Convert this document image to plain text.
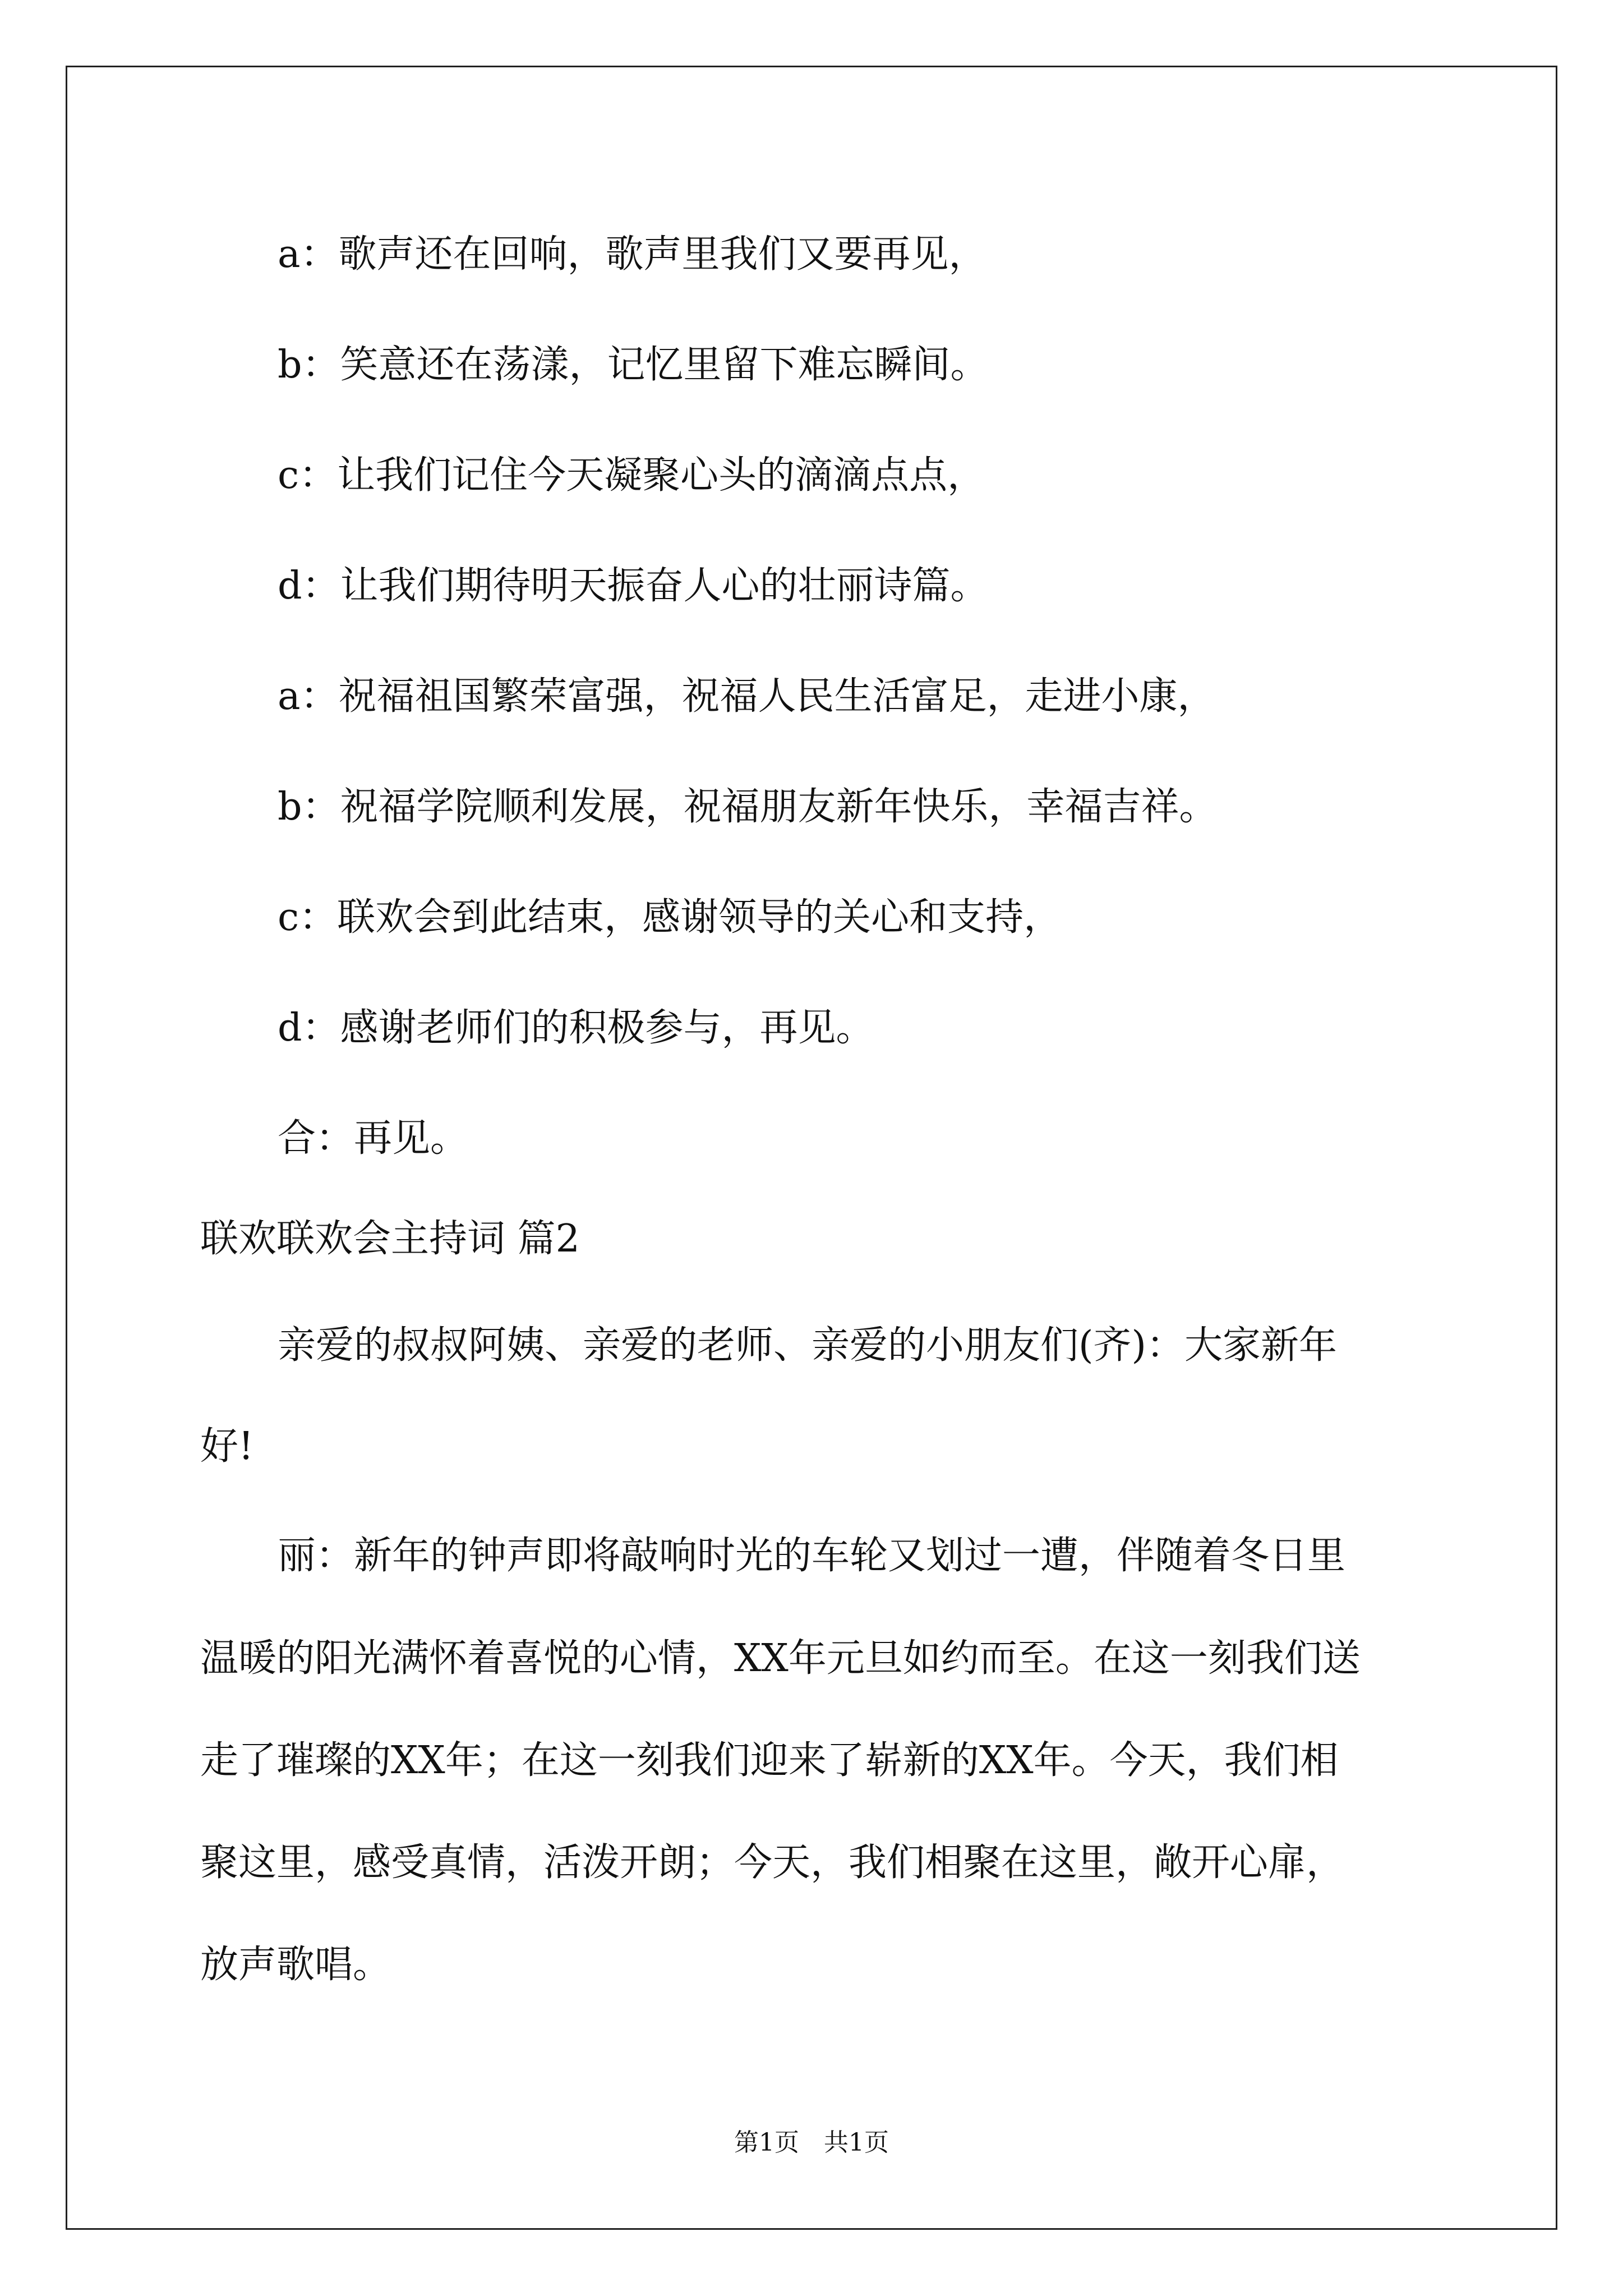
a：歌声还在回响，歌声里我们又要再见，
b：笑意还在荡漾，记忆里留下难忘瞬间。
c：让我们记住今天凝聚心头的滴滴点点，
d：让我们期待明天振奋人心的壮丽诗篇。
a：祝福祖国繁荣富强，祝福人民生活富足，走进小康，
b：祝福学院顺利发展，祝福朋友新年快乐，幸福吉祥。
c：联欢会到此结束，感谢领导的关心和支持，
d：感谢老师们的积极参与，再见。
合：再见。
联欢联欢会主持词 篇2
亲爱的叔叔阿姨、亲爱的老师、亲爱的小朋友们(齐)：大家新年
好!
丽：新年的钟声即将敲响时光的车轮又划过一遭，伴随着冬日里
温暖的阳光满怀着喜悦的心情，XX年元旦如约而至。在这一刻我们送
走了璀璨的XX年；在这一刻我们迎来了崭新的XX年。今天，我们相
聚这里，感受真情，活泼开朗；今天，我们相聚在这里，敞开心扉，
放声歌唱。
第1页　共1页
